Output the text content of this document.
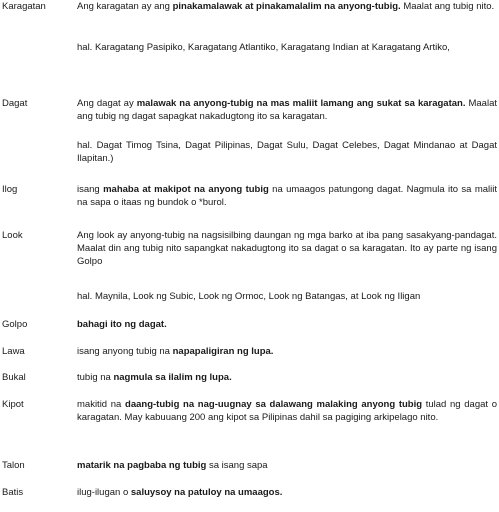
Karagatan	Ang karagatan ay ang pinakamalawak at pinakamalalim na anyong-tubig. Maalat ang tubig nito.
hal. Karagatang Pasipiko, Karagatang Atlantiko, Karagatang Indian at Karagatang Artiko,
Dagat	Ang dagat ay malawak na anyong-tubig na mas maliit lamang ang sukat sa karagatan. Maalat ang tubig ng dagat sapagkat nakadugtong ito sa karagatan.
hal. Dagat Timog Tsina, Dagat Pilipinas, Dagat Sulu, Dagat Celebes, Dagat Mindanao at Dagat Ilapitan.)
Ilog	isang mahaba at makipot na anyong tubig na umaagos patungong dagat. Nagmula ito sa maliit na sapa o itaas ng bundok o *burol.
Look	Ang look ay anyong-tubig na nagsisilbing daungan ng mga barko at iba pang sasakyang-pandagat. Maalat din ang tubig nito sapangkat nakadugtong ito sa dagat o sa karagatan. Ito ay parte ng isang Golpo
hal. Maynila, Look ng Subic, Look ng Ormoc, Look ng Batangas, at Look ng Iligan
Golpo	bahagi ito ng dagat.
Lawa	isang anyong tubig na napapaligiran ng lupa.
Bukal	tubig na nagmula sa ilalim ng lupa.
Kipot	makitid na daang-tubig na nag-uugnay sa dalawang malaking anyong tubig tulad ng dagat o karagatan. May kabuuang 200 ang kipot sa Pilipinas dahil sa pagiging arkipelago nito.
Talon	matarik na pagbaba ng tubig sa isang sapa
Batis	ilug-ilugan o saluysoy na patuloy na umaagos.
